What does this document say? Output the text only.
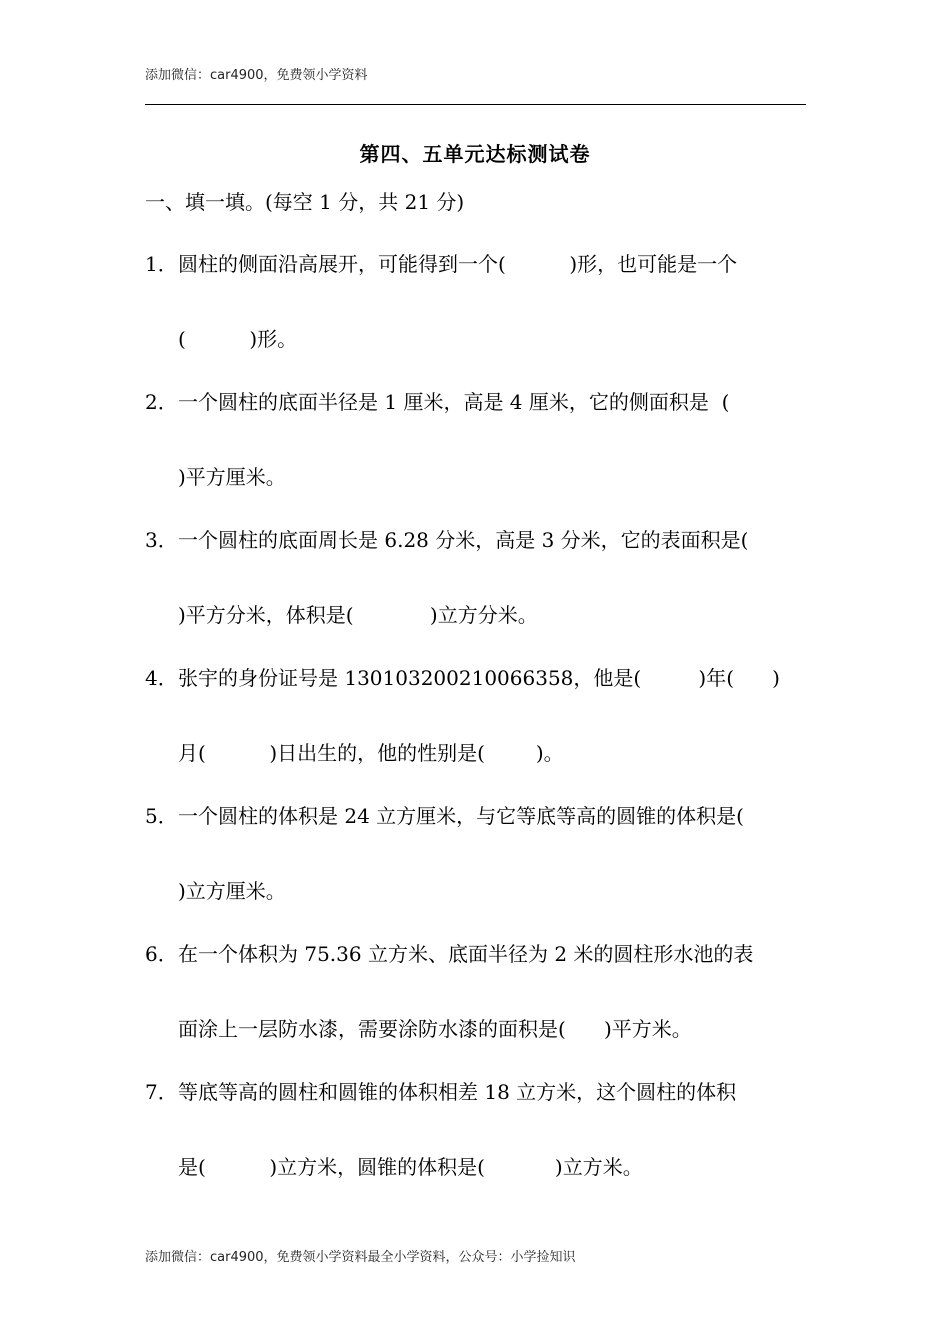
添加微信：car4900，免费领小学资料
第四、五单元达标测试卷
一、填一填。(每空 1 分，共 21 分)
1． 圆柱的侧面沿高展开，可能得到一个(          )形，也可能是一个
(          )形。
2． 一个圆柱的底面半径是 1 厘米，高是 4 厘米，它的侧面积是  (
)平方厘米。
3． 一个圆柱的底面周长是 6.28 分米，高是 3 分米，它的表面积是(
)平方分米，体积是(            )立方分米。
4． 张宇的身份证号是 130103200210066358，他是(         )年(      )
月(          )日出生的，他的性别是(        )。
5． 一个圆柱的体积是 24 立方厘米，与它等底等高的圆锥的体积是(
)立方厘米。
6． 在一个体积为 75.36 立方米、底面半径为 2 米的圆柱形水池的表
面涂上一层防水漆，需要涂防水漆的面积是(      )平方米。
7． 等底等高的圆柱和圆锥的体积相差 18 立方米，这个圆柱的体积
是(          )立方米，圆锥的体积是(           )立方米。
添加微信：car4900，免费领小学资料最全小学资料，公众号：小学捡知识
